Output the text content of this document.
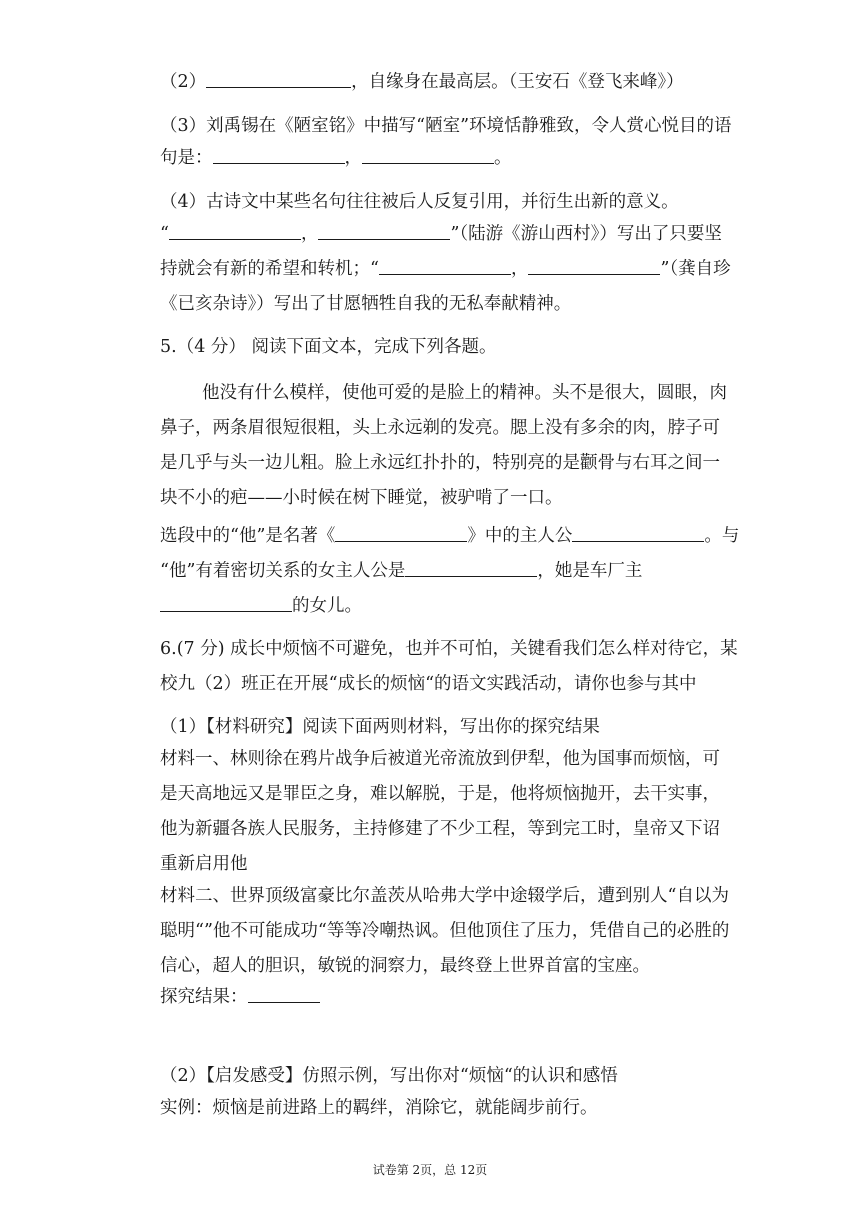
（2）	，自缘身在最高层。（王安石《登飞来峰》）
（3）刘禹锡在《陋室铭》中描写“陋室”环境恬静雅致，令人赏心悦目的语
句是：	，	。
（4）古诗文中某些名句往往被后人反复引用，并衍生出新的意义。
“	，	”（陆游《游山西村》）写出了只要坚
持就会有新的希望和转机；“	，	”（龚自珍
《已亥杂诗》）写出了甘愿牺牲自我的无私奉献精神。
5.（4 分） 阅读下面文本，完成下列各题。
他没有什么模样，使他可爱的是脸上的精神。头不是很大，圆眼，肉
鼻子，两条眉很短很粗，头上永远剃的发亮。腮上没有多余的肉，脖子可
是几乎与头一边儿粗。脸上永远红扑扑的，特别亮的是颧骨与右耳之间一
块不小的疤——小时候在树下睡觉，被驴啃了一口。
选段中的“他”是名著《	》中的主人公	。与
“他”有着密切关系的女主人公是	，她是车厂主
的女儿。
6.(7 分) 成长中烦恼不可避免，也并不可怕，关键看我们怎么样对待它，某
校九（2）班正在开展“成长的烦恼“的语文实践活动，请你也参与其中
（1）【材料研究】阅读下面两则材料，写出你的探究结果
材料一、林则徐在鸦片战争后被道光帝流放到伊犁，他为国事而烦恼，可
是天高地远又是罪臣之身，难以解脱，于是，他将烦恼抛开，去干实事，
他为新疆各族人民服务，主持修建了不少工程，等到完工时，皇帝又下诏
重新启用他
材料二、世界顶级富豪比尔盖茨从哈弗大学中途辍学后，遭到别人“自以为
聪明“”他不可能成功“等等冷嘲热讽。但他顶住了压力，凭借自己的必胜的
信心，超人的胆识，敏锐的洞察力，最终登上世界首富的宝座。
探究结果：
（2）【启发感受】仿照示例，写出你对“烦恼“的认识和感悟
实例：烦恼是前进路上的羁绊，消除它，就能阔步前行。
试卷第 2页，总 12页
